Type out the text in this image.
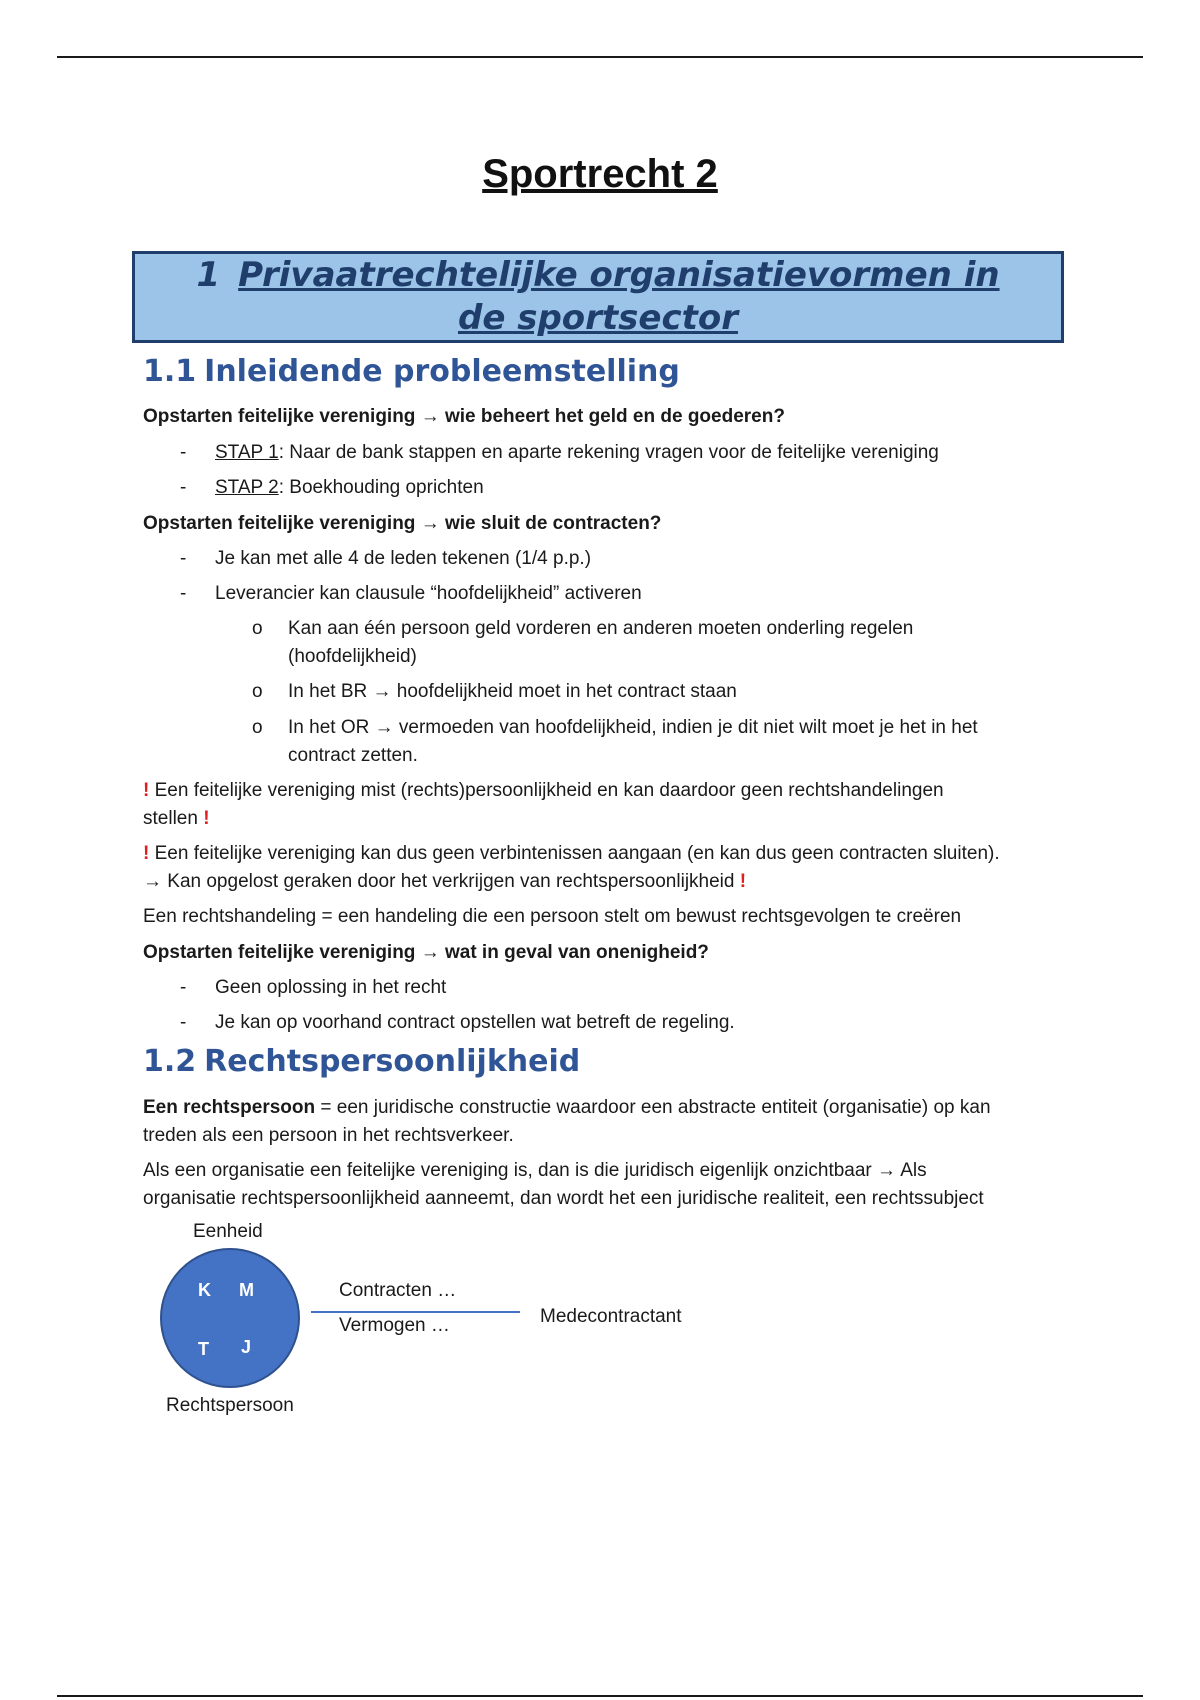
Sportrecht 2
1 Privaatrechtelijke organisatievormen in
de sportsector
1.1 Inleidende probleemstelling
Opstarten feitelijke vereniging → wie beheert het geld en de goederen?
- STAP 1: Naar de bank stappen en aparte rekening vragen voor de feitelijke vereniging
- STAP 2: Boekhouding oprichten
Opstarten feitelijke vereniging → wie sluit de contracten?
- Je kan met alle 4 de leden tekenen (1/4 p.p.)
- Leverancier kan clausule “hoofdelijkheid” activeren
o Kan aan één persoon geld vorderen en anderen moeten onderling regelen
(hoofdelijkheid)
o In het BR → hoofdelijkheid moet in het contract staan
o In het OR → vermoeden van hoofdelijkheid, indien je dit niet wilt moet je het in het
contract zetten.
! Een feitelijke vereniging mist (rechts)persoonlijkheid en kan daardoor geen rechtshandelingen
stellen !
! Een feitelijke vereniging kan dus geen verbintenissen aangaan (en kan dus geen contracten sluiten).
→ Kan opgelost geraken door het verkrijgen van rechtspersoonlijkheid !
Een rechtshandeling = een handeling die een persoon stelt om bewust rechtsgevolgen te creëren
Opstarten feitelijke vereniging → wat in geval van onenigheid?
- Geen oplossing in het recht
- Je kan op voorhand contract opstellen wat betreft de regeling.
1.2 Rechtspersoonlijkheid
Een rechtspersoon = een juridische constructie waardoor een abstracte entiteit (organisatie) op kan
treden als een persoon in het rechtsverkeer.
Als een organisatie een feitelijke vereniging is, dan is die juridisch eigenlijk onzichtbaar → Als
organisatie rechtspersoonlijkheid aanneemt, dan wordt het een juridische realiteit, een rechtssubject
Eenheid
K M
T J
Rechtspersoon
Contracten …
Vermogen …	Medecontractant
